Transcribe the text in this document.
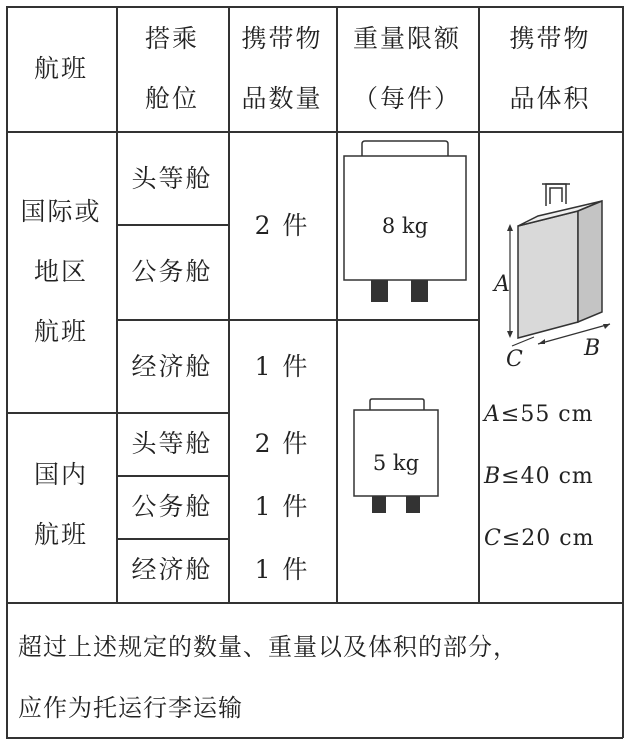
航班
搭乘
舱位
携带物
品数量
重量限额
（每件）
携带物
品体积
国际或
地区
航班
国内
航班
头等舱
公务舱
经济舱
头等舱
公务舱
经济舱
2 件
1 件
2 件
1 件
1 件
8 kg
5 kg
A
C	B
A≤55 cm
B≤40 cm
C≤20 cm
超过上述规定的数量、重量以及体积的部分，
应作为托运行李运输
